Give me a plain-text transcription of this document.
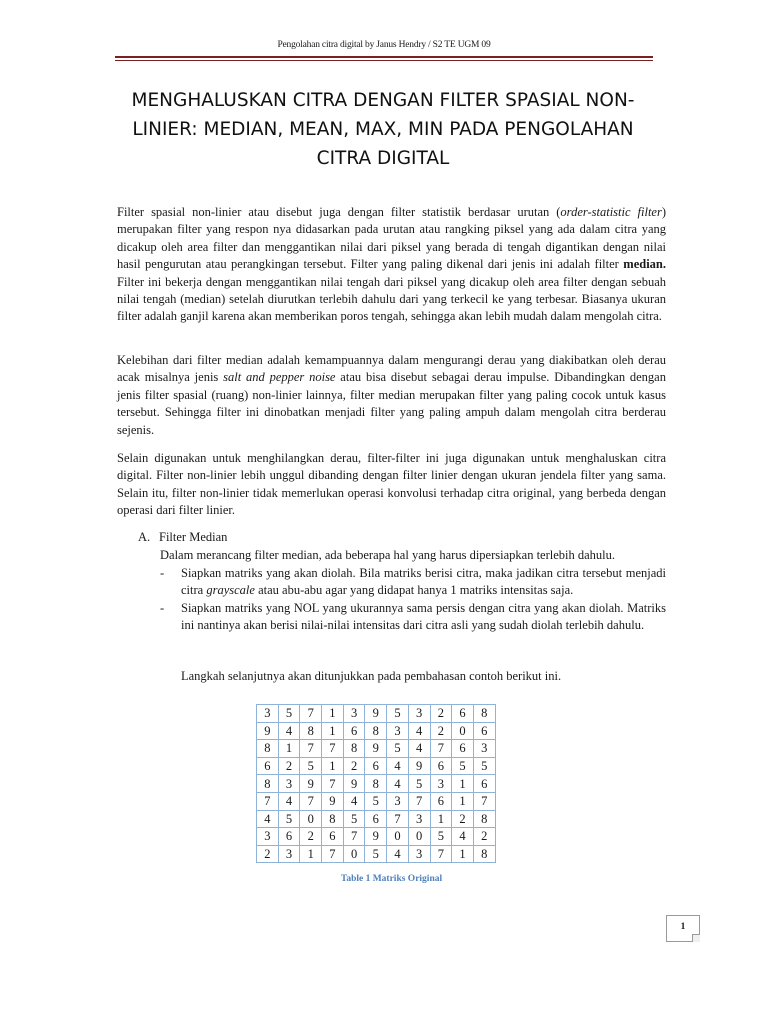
Pengolahan citra digital by Janus Hendry / S2 TE UGM 09
MENGHALUSKAN CITRA DENGAN FILTER SPASIAL NON-LINIER: MEDIAN, MEAN, MAX, MIN PADA PENGOLAHAN CITRA DIGITAL

Filter spasial non-linier atau disebut juga dengan filter statistik berdasar urutan (order-statistic filter) merupakan filter yang respon nya didasarkan pada urutan atau rangking piksel yang ada dalam citra yang dicakup oleh area filter dan menggantikan nilai dari piksel yang berada di tengah digantikan dengan nilai hasil pengurutan atau perangkingan tersebut. Filter yang paling dikenal dari jenis ini adalah filter median. Filter ini bekerja dengan menggantikan nilai tengah dari piksel yang dicakup oleh area filter dengan sebuah nilai tengah (median) setelah diurutkan terlebih dahulu dari yang terkecil ke yang terbesar. Biasanya ukuran filter adalah ganjil karena akan memberikan poros tengah, sehingga akan lebih mudah dalam mengolah citra.

Kelebihan dari filter median adalah kemampuannya dalam mengurangi derau yang diakibatkan oleh derau acak misalnya jenis salt and pepper noise atau bisa disebut sebagai derau impulse. Dibandingkan dengan jenis filter spasial (ruang) non-linier lainnya, filter median merupakan filter yang paling cocok untuk kasus tersebut. Sehingga filter ini dinobatkan menjadi filter yang paling ampuh dalam mengolah citra berderau sejenis.

Selain digunakan untuk menghilangkan derau, filter-filter ini juga digunakan untuk menghaluskan citra digital. Filter non-linier lebih unggul dibanding dengan filter linier dengan ukuran jendela filter yang sama. Selain itu, filter non-linier tidak memerlukan operasi konvolusi terhadap citra original, yang berbeda dengan operasi dari filter linier.

A. Filter Median
Dalam merancang filter median, ada beberapa hal yang harus dipersiapkan terlebih dahulu.
- Siapkan matriks yang akan diolah. Bila matriks berisi citra, maka jadikan citra tersebut menjadi citra grayscale atau abu-abu agar yang didapat hanya 1 matriks intensitas saja.
- Siapkan matriks yang NOL yang ukurannya sama persis dengan citra yang akan diolah. Matriks ini nantinya akan berisi nilai-nilai intensitas dari citra asli yang sudah diolah terlebih dahulu.
Langkah selanjutnya akan ditunjukkan pada pembahasan contoh berikut ini.
3	5	7	1	3	9	5	3	2	6	8
9	4	8	1	6	8	3	4	2	0	6
8	1	7	7	8	9	5	4	7	6	3
6	2	5	1	2	6	4	9	6	5	5
8	3	9	7	9	8	4	5	3	1	6
7	4	7	9	4	5	3	7	6	1	7
4	5	0	8	5	6	7	3	1	2	8
3	6	2	6	7	9	0	0	5	4	2
2	3	1	7	0	5	4	3	7	1	8
Table 1 Matriks Original
1
